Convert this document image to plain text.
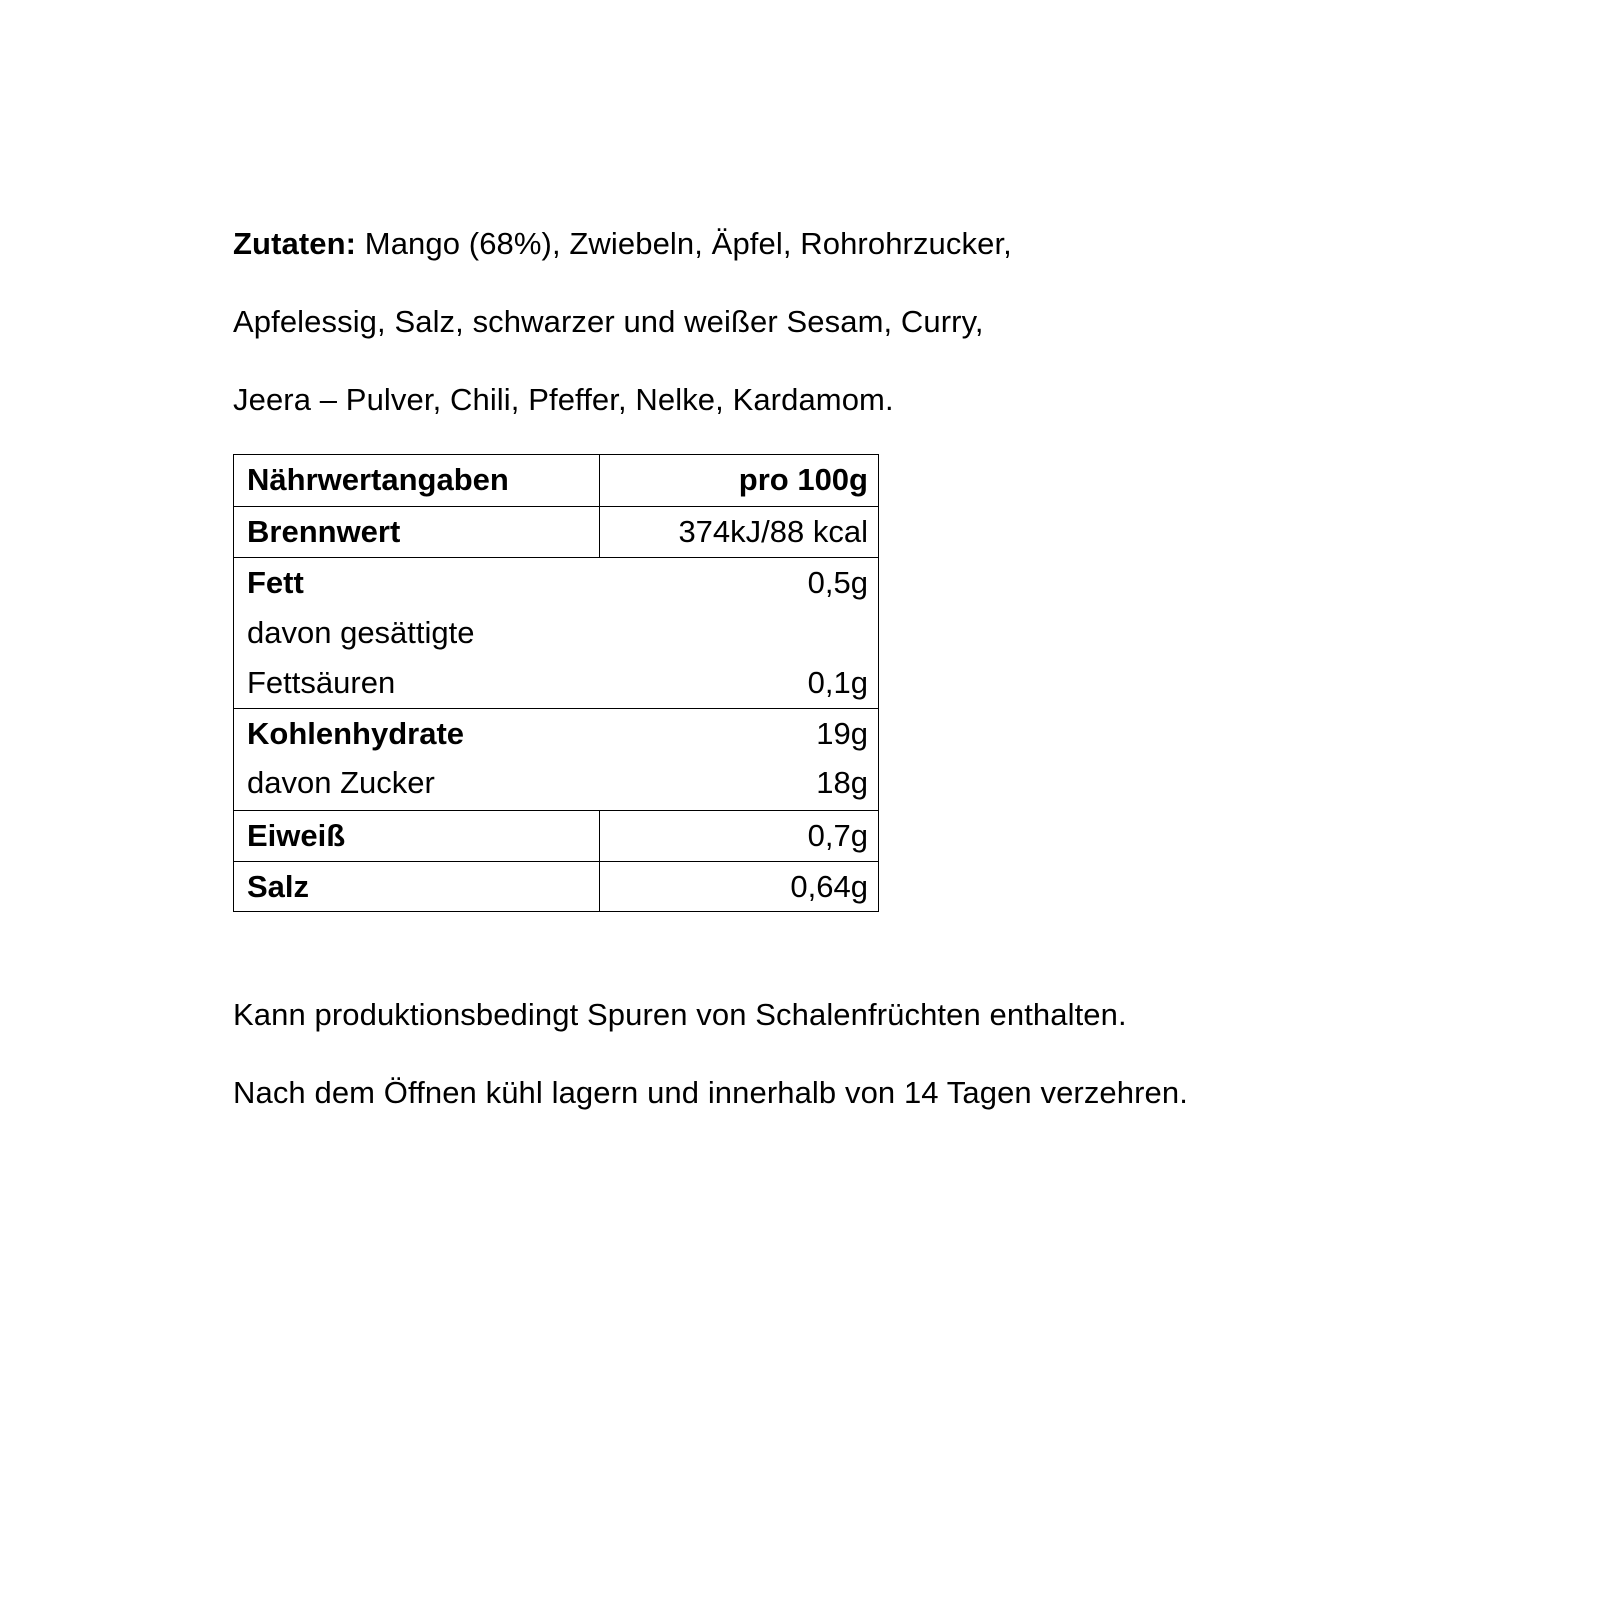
Zutaten: Mango (68%), Zwiebeln, Äpfel, Rohrohrzucker,
Apfelessig, Salz, schwarzer und weißer Sesam, Curry,
Jeera – Pulver, Chili, Pfeffer, Nelke, Kardamom.
Nährwertangaben	pro 100g
Brennwert	374kJ/88 kcal
Fett	0,5g
davon gesättigte
Fettsäuren	0,1g
Kohlenhydrate	19g
davon Zucker	18g
Eiweiß	0,7g
Salz	0,64g
Kann produktionsbedingt Spuren von Schalenfrüchten enthalten.
Nach dem Öffnen kühl lagern und innerhalb von 14 Tagen verzehren.
